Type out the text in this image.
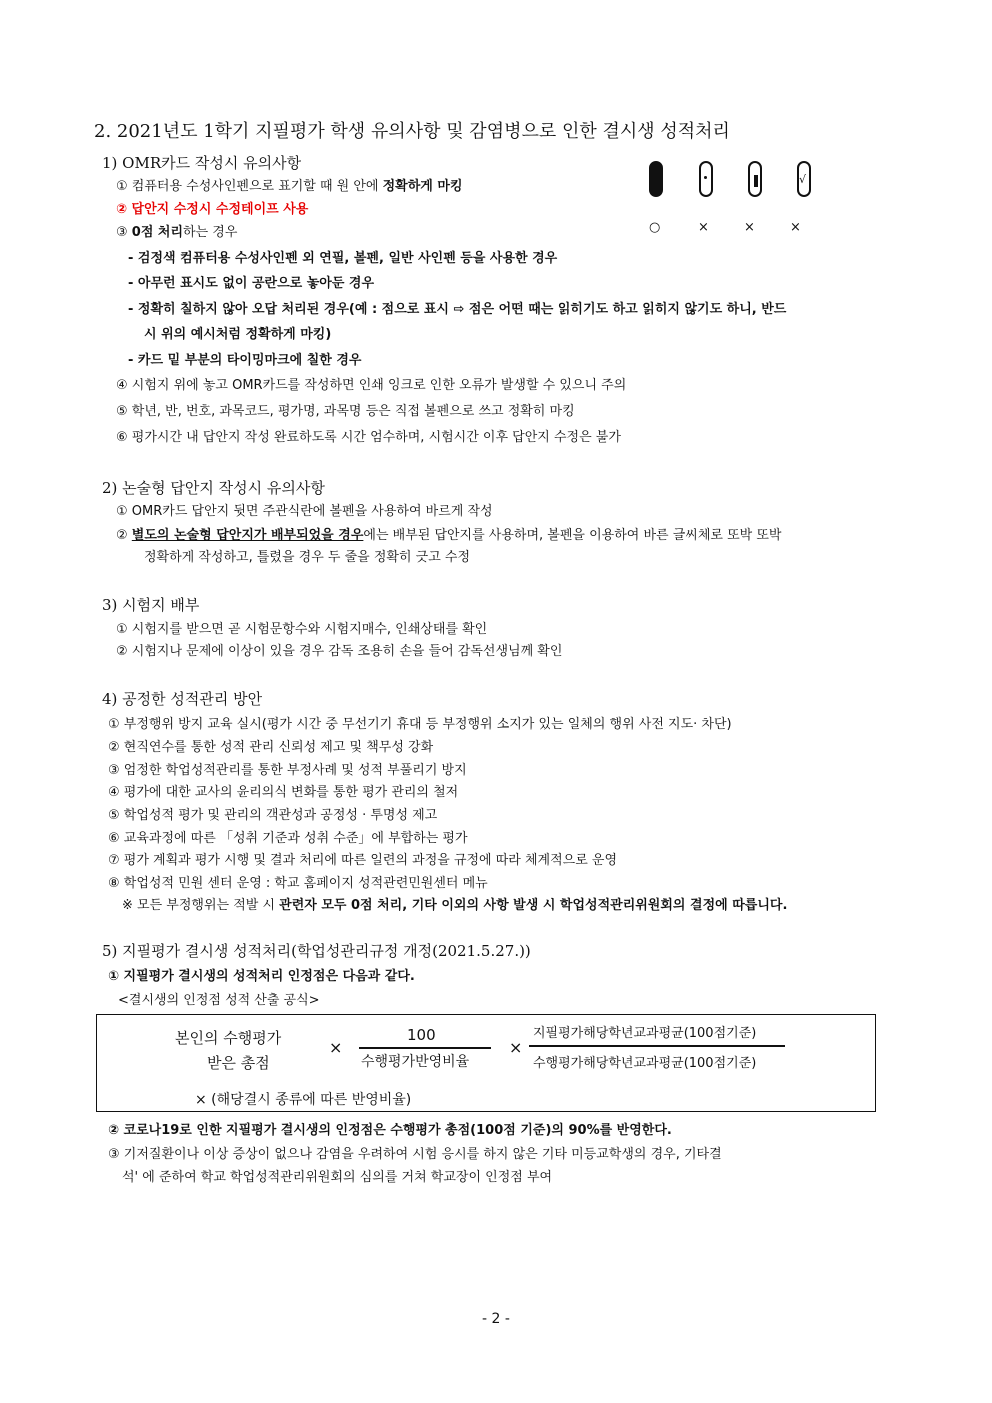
2. 2021년도 1학기 지필평가 학생 유의사항 및 감염병으로 인한 결시생 성적처리
1) OMR카드 작성시 유의사항
① 컴퓨터용 수성사인펜으로 표기할 때 원 안에 정확하게 마킹
② 답안지 수정시 수정테이프 사용
③ 0점 처리하는 경우
- 검정색 컴퓨터용 수성사인펜 외 연필, 볼펜, 일반 사인펜 등을 사용한 경우
- 아무런 표시도 없이 공란으로 놓아둔 경우
- 정확히 칠하지 않아 오답 처리된 경우(예 : 점으로 표시 ⇨ 점은 어떤 때는 읽히기도 하고 읽히지 않기도 하니, 반드
시 위의 예시처럼 정확하게 마킹)
- 카드 밑 부분의 타이밍마크에 칠한 경우
④ 시험지 위에 놓고 OMR카드를 작성하면 인쇄 잉크로 인한 오류가 발생할 수 있으니 주의
⑤ 학년, 반, 번호, 과목코드, 평가명, 과목명 등은 직접 볼펜으로 쓰고 정확히 마킹
⑥ 평가시간 내 답안지 작성 완료하도록 시간 엄수하며, 시험시간 이후 답안지 수정은 불가
√
○	×	×	×
2) 논술형 답안지 작성시 유의사항
① OMR카드 답안지 뒷면 주관식란에 볼펜을 사용하여 바르게 작성
② 별도의 논술형 답안지가 배부되었을 경우에는 배부된 답안지를 사용하며, 볼펜을 이용하여 바른 글씨체로 또박 또박
정확하게 작성하고, 틀렸을 경우 두 줄을 정확히 긋고 수정
3) 시험지 배부
① 시험지를 받으면 곧 시험문항수와 시험지매수, 인쇄상태를 확인
② 시험지나 문제에 이상이 있을 경우 감독 조용히 손을 들어 감독선생님께 확인
4) 공정한 성적관리 방안
① 부정행위 방지 교육 실시(평가 시간 중 무선기기 휴대 등 부정행위 소지가 있는 일체의 행위 사전 지도· 차단)
② 현직연수를 통한 성적 관리 신뢰성 제고 및 책무성 강화
③ 엄정한 학업성적관리를 통한 부정사례 및 성적 부풀리기 방지
④ 평가에 대한 교사의 윤리의식 변화를 통한 평가 관리의 철저
⑤ 학업성적 평가 및 관리의 객관성과 공정성 · 투명성 제고
⑥ 교육과정에 따른 「성취 기준과 성취 수준」에 부합하는 평가
⑦ 평가 계획과 평가 시행 및 결과 처리에 따른 일련의 과정을 규정에 따라 체계적으로 운영
⑧ 학업성적 민원 센터 운영 : 학교 홈페이지 성적관련민원센터 메뉴
※ 모든 부정행위는 적발 시 관련자 모두 0점 처리, 기타 이외의 사항 발생 시 학업성적관리위원회의 결정에 따릅니다.
5) 지필평가 결시생 성적처리(학업성관리규정 개정(2021.5.27.))
① 지필평가 결시생의 성적처리 인정점은 다음과 같다.
<결시생의 인정점 성적 산출 공식>
본인의 수행평가
받은 총점
×
100
수행평가반영비율
×
지필평가해당학년교과평균(100점기준)
수행평가해당학년교과평균(100점기준)
× (해당결시 종류에 따른 반영비율)
② 코로나19로 인한 지필평가 결시생의 인정점은 수행평가 총점(100점 기준)의 90%를 반영한다.
③ 기저질환이나 이상 증상이 없으나 감염을 우려하여 시험 응시를 하지 않은 기타 미등교학생의 경우, 기타결
석' 에 준하여 학교 학업성적관리위원회의 심의를 거쳐 학교장이 인정점 부여
- 2 -
